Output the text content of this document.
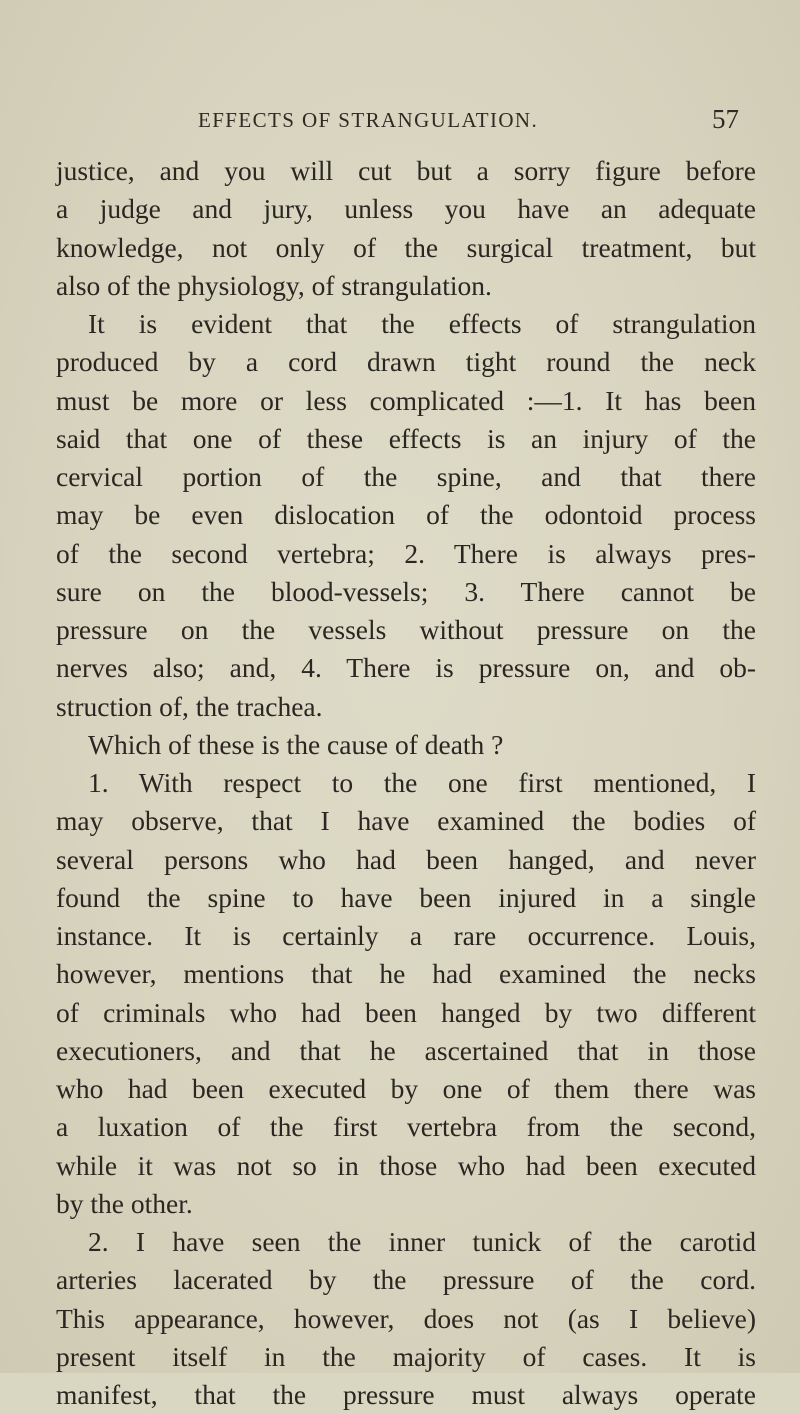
EFFECTS OF STRANGULATION.	57
justice, and you will cut but a sorry figure before
a judge and jury, unless you have an adequate
knowledge, not only of the surgical treatment, but
also of the physiology, of strangulation.
It is evident that the effects of strangulation
produced by a cord drawn tight round the neck
must be more or less complicated :—1. It has been
said that one of these effects is an injury of the
cervical portion of the spine, and that there
may be even dislocation of the odontoid process
of the second vertebra; 2. There is always pres-
sure on the blood-vessels; 3. There cannot be
pressure on the vessels without pressure on the
nerves also; and, 4. There is pressure on, and ob-
struction of, the trachea.
Which of these is the cause of death ?
1. With respect to the one first mentioned, I
may observe, that I have examined the bodies of
several persons who had been hanged, and never
found the spine to have been injured in a single
instance. It is certainly a rare occurrence. Louis,
however, mentions that he had examined the necks
of criminals who had been hanged by two different
executioners, and that he ascertained that in those
who had been executed by one of them there was
a luxation of the first vertebra from the second,
while it was not so in those who had been executed
by the other.
2. I have seen the inner tunick of the carotid
arteries lacerated by the pressure of the cord.
This appearance, however, does not (as I believe)
present itself in the majority of cases. It is
manifest, that the pressure must always operate
